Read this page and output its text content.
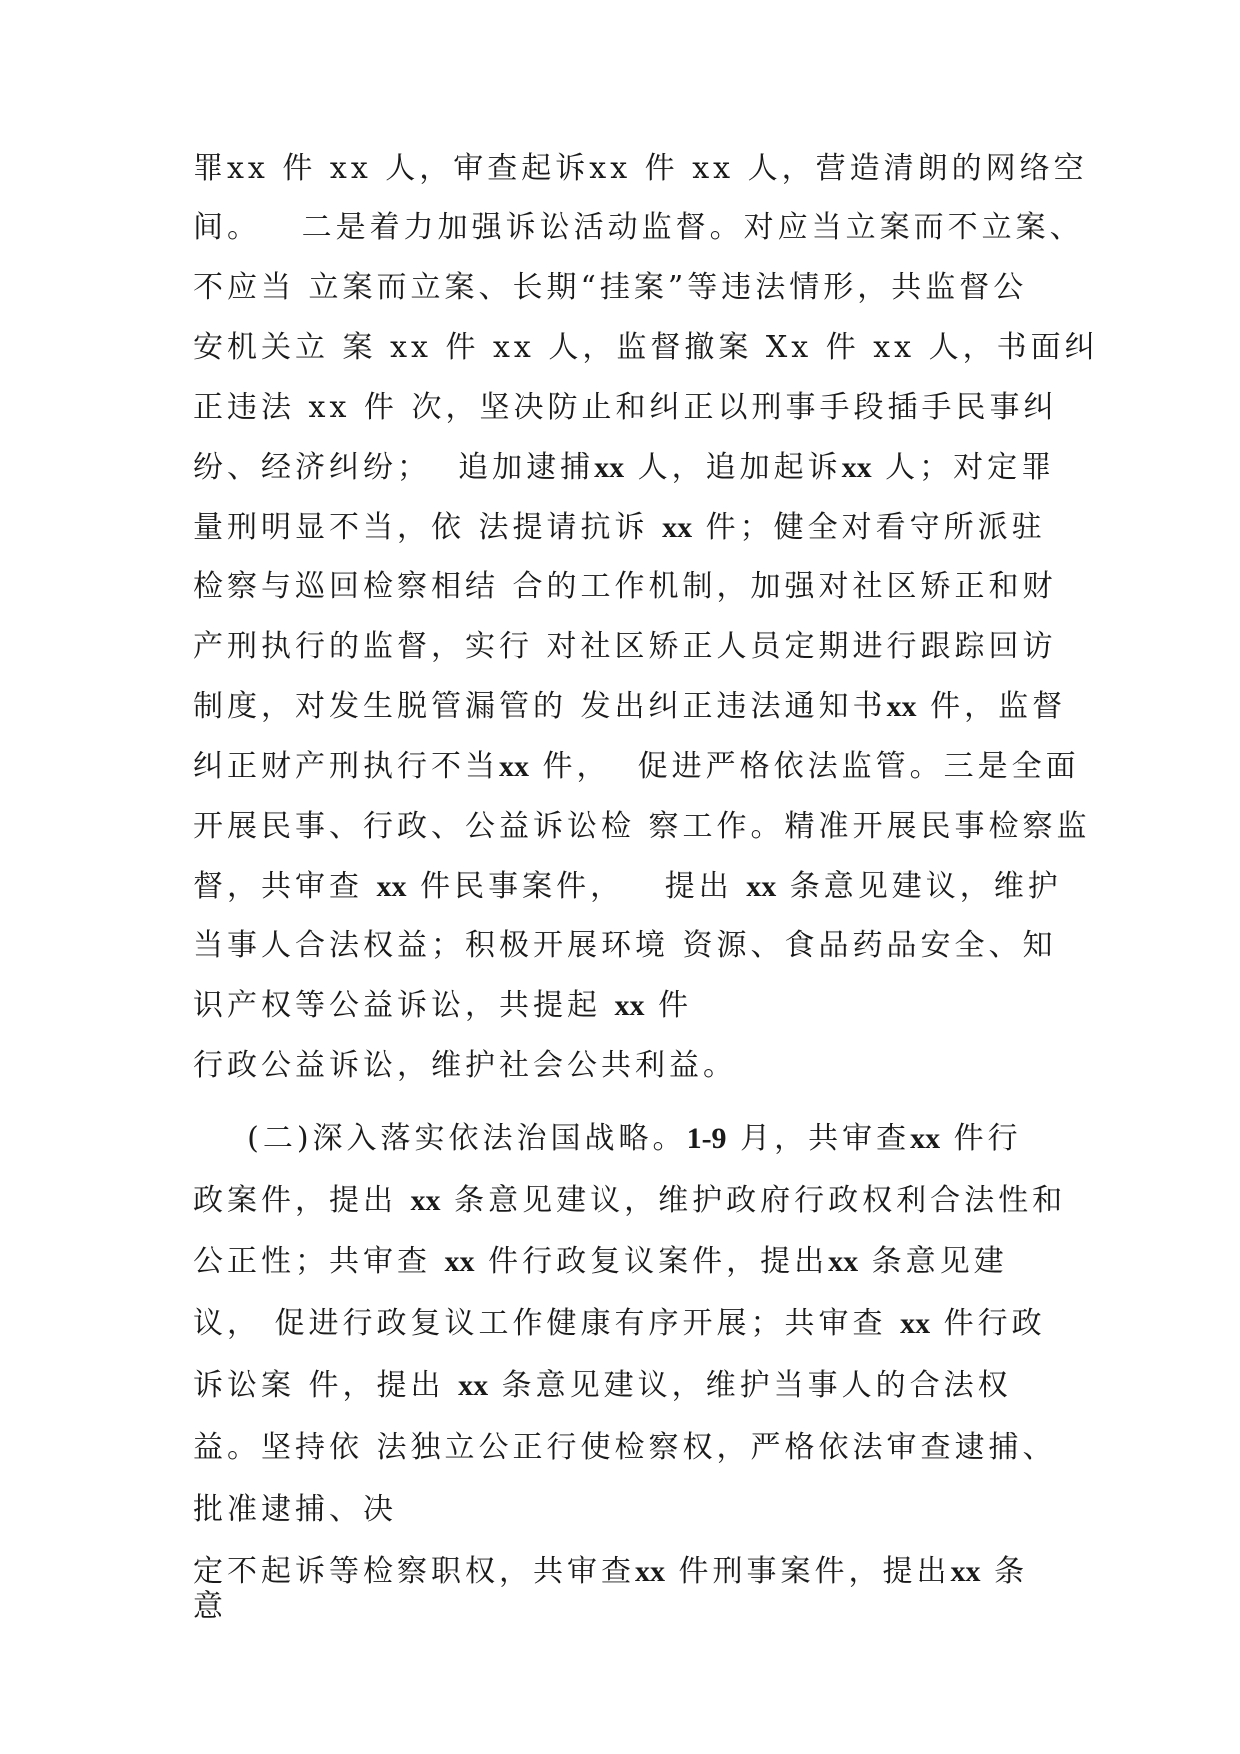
罪xx 件 xx 人，审查起诉xx 件 xx 人，营造清朗的网络空
间。   二是着力加强诉讼活动监督。对应当立案而不立案、
不应当 立案而立案、长期“挂案”等违法情形，共监督公
安机关立 案 xx 件 xx 人，监督撤案 Xx 件 xx 人，书面纠
正违法 xx 件 次，坚决防止和纠正以刑事手段插手民事纠
纷、经济纠纷；  追加逮捕xx 人，追加起诉xx 人；对定罪
量刑明显不当，依 法提请抗诉 xx 件；健全对看守所派驻
检察与巡回检察相结 合的工作机制，加强对社区矫正和财
产刑执行的监督，实行 对社区矫正人员定期进行跟踪回访
制度，对发生脱管漏管的 发出纠正违法通知书xx 件，监督
纠正财产刑执行不当xx 件，  促进严格依法监管。三是全面
开展民事、行政、公益诉讼检 察工作。精准开展民事检察监
督，共审查 xx 件民事案件，   提出 xx 条意见建议，维护
当事人合法权益；积极开展环境 资源、食品药品安全、知
识产权等公益诉讼，共提起 xx 件
行政公益诉讼，维护社会公共利益。
(二)深入落实依法治国战略。1-9 月，共审查xx 件行
政案件，提出 xx 条意见建议，维护政府行政权利合法性和
公正性；共审查 xx 件行政复议案件，提出xx 条意见建
议， 促进行政复议工作健康有序开展；共审查 xx 件行政
诉讼案 件，提出 xx 条意见建议，维护当事人的合法权
益。坚持依 法独立公正行使检察权，严格依法审查逮捕、
批准逮捕、决
定不起诉等检察职权，共审查xx 件刑事案件，提出xx 条
意
